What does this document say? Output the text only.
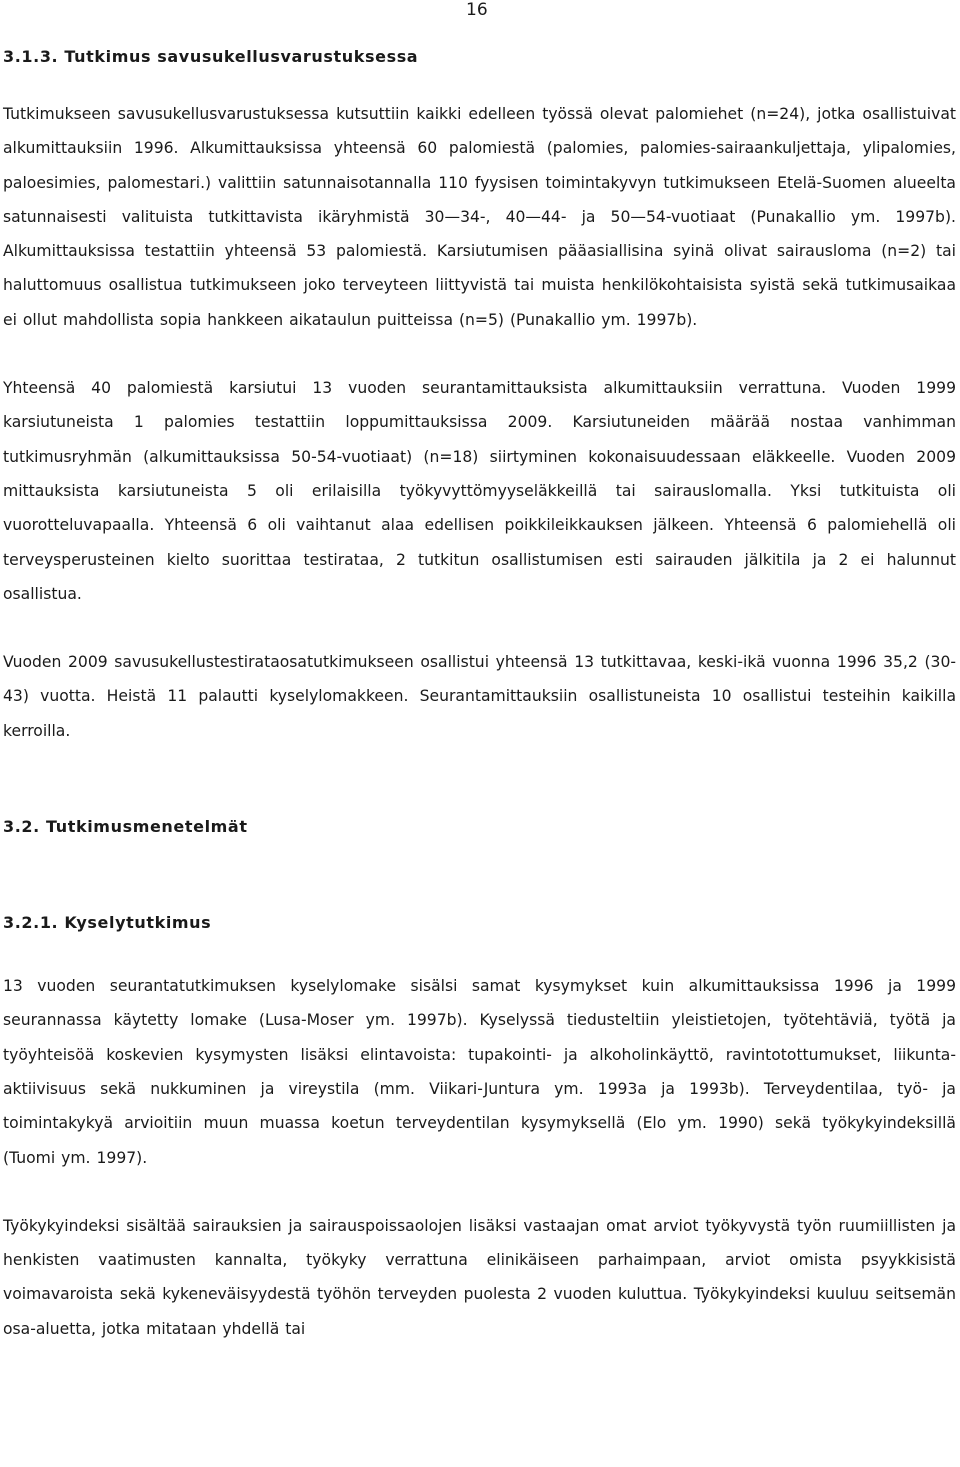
16
3.1.3. Tutkimus savusukellusvarustuksessa

Tutkimukseen savusukellusvarustuksessa kutsuttiin kaikki edelleen työssä olevat palomiehet (n=24), jotka osallistuivat alkumittauksiin 1996. Alkumittauksissa yhteensä 60 palomiestä (palomies, palomies-sairaankuljettaja, ylipalomies, paloesimies, palomestari.) valittiin satunnaisotannalla 110 fyysisen toimintakyvyn tutkimukseen Etelä-Suomen alueelta satunnaisesti valituista tutkittavista ikäryhmistä 30—34-, 40—44- ja 50—54-vuotiaat (Punakallio ym. 1997b). Alkumittauksissa testattiin yhteensä 53 palomiestä. Karsiutumisen pääasiallisina syinä olivat sairausloma (n=2) tai haluttomuus osallistua tutkimukseen joko terveyteen liittyvistä tai muista henkilökohtaisista syistä sekä tutkimusaikaa ei ollut mahdollista sopia hankkeen aikataulun puitteissa (n=5) (Punakallio ym. 1997b).

Yhteensä 40 palomiestä karsiutui 13 vuoden seurantamittauksista alkumittauksiin verrattuna. Vuoden 1999 karsiutuneista 1 palomies testattiin loppumittauksissa 2009. Karsiutuneiden määrää nostaa vanhimman tutkimusryhmän (alkumittauksissa 50-54-vuotiaat) (n=18) siirtyminen kokonaisuudessaan eläkkeelle. Vuoden 2009 mittauksista karsiutuneista 5 oli erilaisilla työkyvyttömyyseläkkeillä tai sairauslomalla. Yksi tutkituista oli vuorotteluvapaalla. Yhteensä 6 oli vaihtanut alaa edellisen poikkileikkauksen jälkeen. Yhteensä 6 palomiehellä oli terveysperusteinen kielto suorittaa testirataa, 2 tutkitun osallistumisen esti sairauden jälkitila ja 2 ei halunnut osallistua.

Vuoden 2009 savusukellustestirataosatutkimukseen osallistui yhteensä 13 tutkittavaa, keski-ikä vuonna 1996 35,2 (30-43) vuotta. Heistä 11 palautti kyselylomakkeen. Seurantamittauksiin osallistuneista 10 osallistui testeihin kaikilla kerroilla.

3.2. Tutkimusmenetelmät
3.2.1. Kyselytutkimus

13 vuoden seurantatutkimuksen kyselylomake sisälsi samat kysymykset kuin alkumittauksissa 1996 ja 1999 seurannassa käytetty lomake (Lusa-Moser ym. 1997b). Kyselyssä tiedusteltiin yleistietojen, työtehtäviä, työtä ja työyhteisöä koskevien kysymysten lisäksi elintavoista: tupakointi- ja alkoholinkäyttö, ravintotottumukset, liikunta-aktiivisuus sekä nukkuminen ja vireystila (mm. Viikari-Juntura ym. 1993a ja 1993b). Terveydentilaa, työ- ja toimintakykyä arvioitiin muun muassa koetun terveydentilan kysymyksellä (Elo ym. 1990) sekä työkykyindeksillä (Tuomi ym. 1997).

Työkykyindeksi sisältää sairauksien ja sairauspoissaolojen lisäksi vastaajan omat arviot työkyvystä työn ruumiillisten ja henkisten vaatimusten kannalta, työkyky verrattuna elinikäiseen parhaimpaan, arviot omista psyykkisistä voimavaroista sekä kykeneväisyydestä työhön terveyden puolesta 2 vuoden kuluttua. Työkykyindeksi kuuluu seitsemän osa-aluetta, jotka mitataan yhdellä tai
